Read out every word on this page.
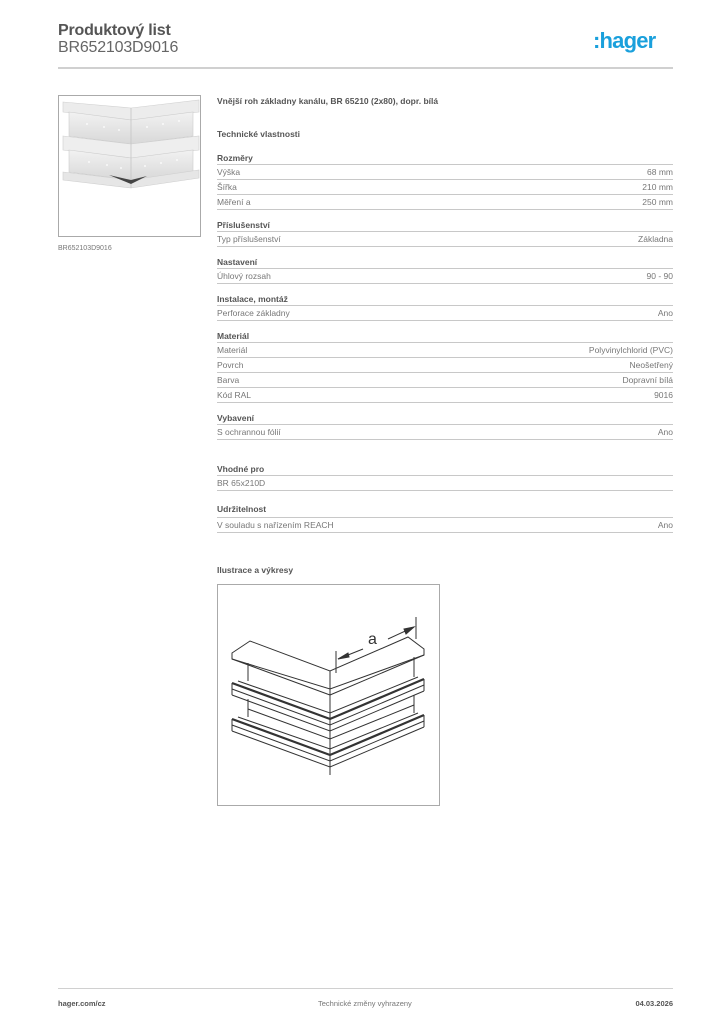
Produktový list
BR652103D9016	:hager
BR652103D9016
Vnější roh základny kanálu, BR 65210 (2x80), dopr. bílá
Technické vlastnosti
Rozměry
Výška	68 mm
Šířka	210 mm
Měření a	250 mm
Příslušenství
Typ příslušenství	Základna
Nastavení
Úhlový rozsah	90 - 90
Instalace, montáž
Perforace základny	Ano
Materiál
Materiál	Polyvinylchlorid (PVC)
Povrch	Neošetřený
Barva	Dopravní bílá
Kód RAL	9016
Vybavení
S ochrannou fólií	Ano
Vhodné pro
BR 65x210D
Udržitelnost
V souladu s nařízením REACH	Ano
Ilustrace a výkresy
a
hager.com/cz	Technické změny vyhrazeny	04.03.2026
